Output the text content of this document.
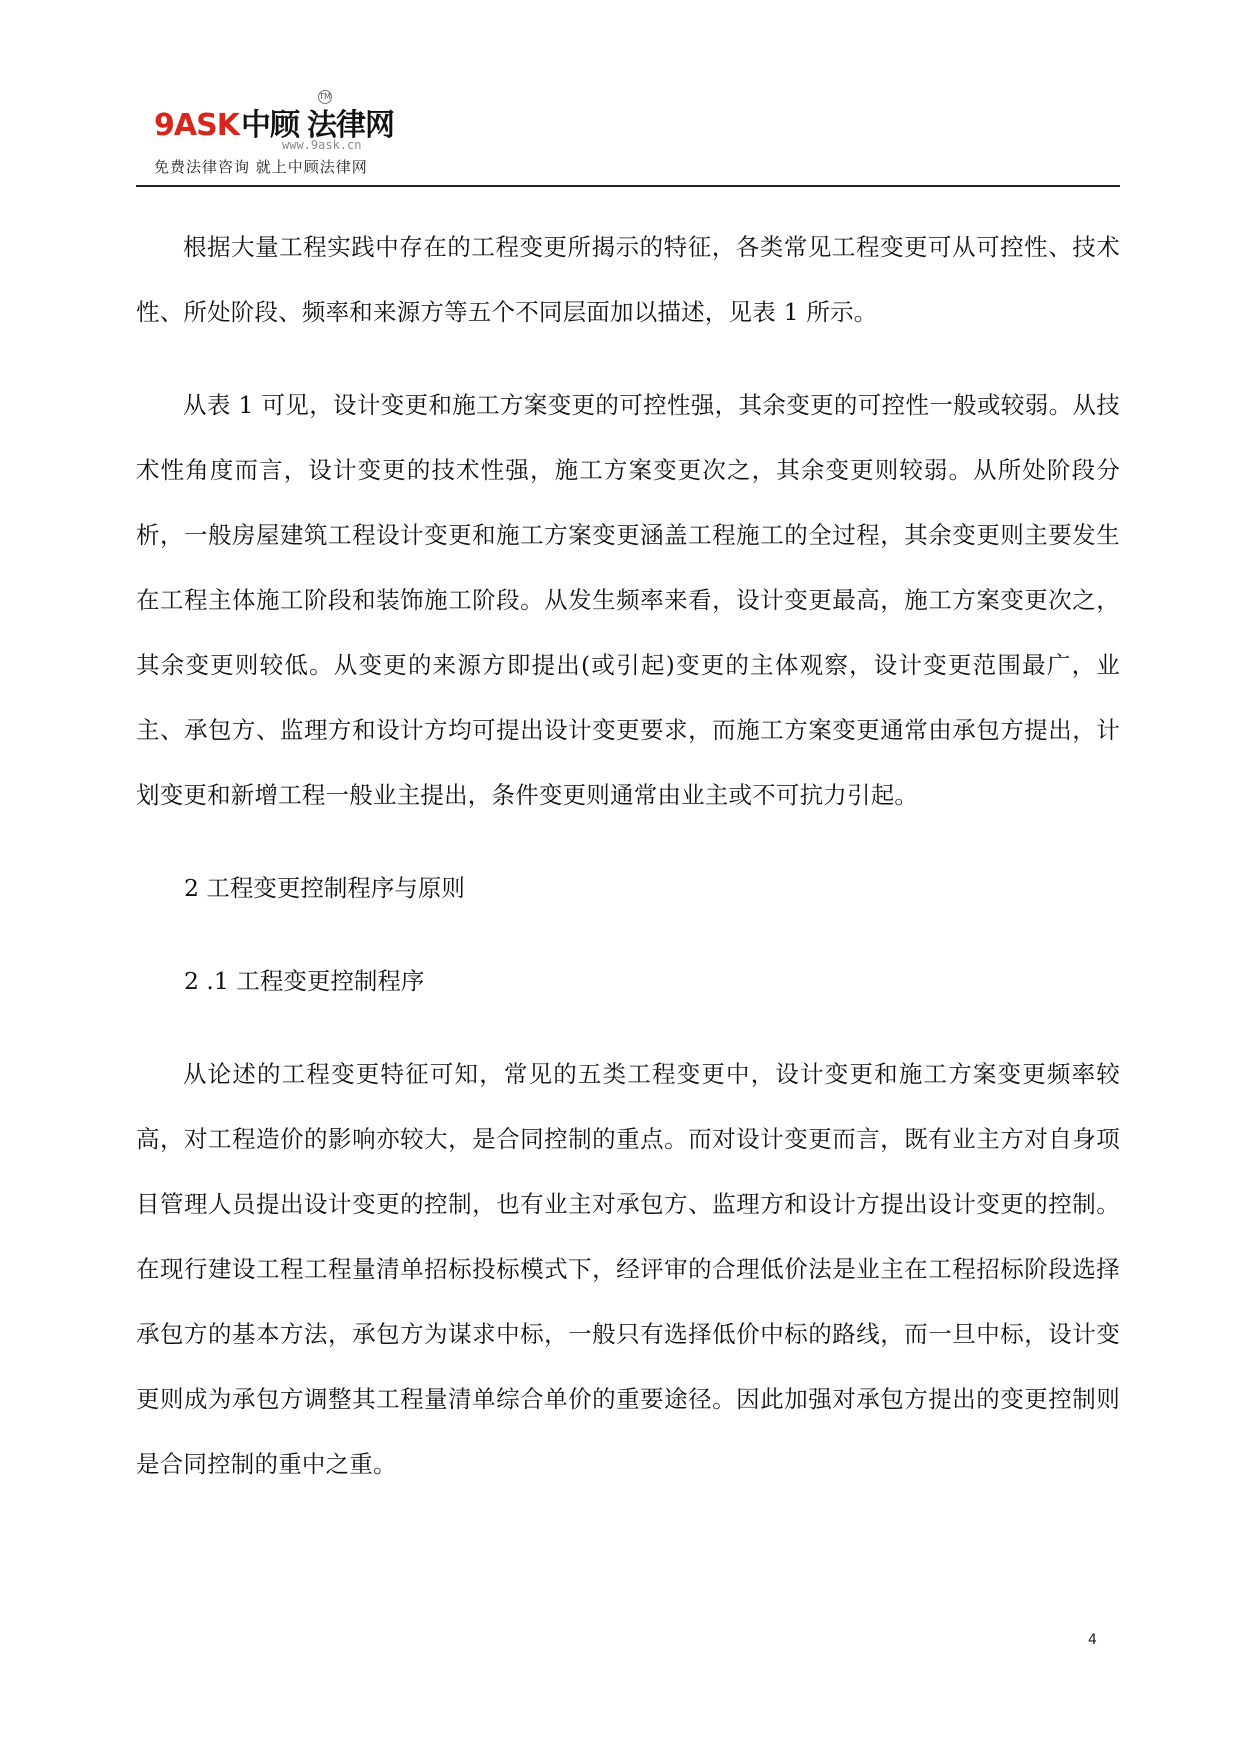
9ASK中顾 法律网
TM
www.9ask.cn
免费法律咨询 就上中顾法律网

根据大量工程实践中存在的工程变更所揭示的特征，各类常见工程变更可从可控性、技术性、所处阶段、频率和来源方等五个不同层面加以描述，见表 1 所示。

从表 1 可见，设计变更和施工方案变更的可控性强，其余变更的可控性一般或较弱。从技术性角度而言，设计变更的技术性强，施工方案变更次之，其余变更则较弱。从所处阶段分析，一般房屋建筑工程设计变更和施工方案变更涵盖工程施工的全过程，其余变更则主要发生在工程主体施工阶段和装饰施工阶段。从发生频率来看，设计变更最高，施工方案变更次之，其余变更则较低。从变更的来源方即提出(或引起)变更的主体观察，设计变更范围最广，业主、承包方、监理方和设计方均可提出设计变更要求，而施工方案变更通常由承包方提出，计划变更和新增工程一般业主提出，条件变更则通常由业主或不可抗力引起。

2 工程变更控制程序与原则

2 .1 工程变更控制程序

从论述的工程变更特征可知，常见的五类工程变更中，设计变更和施工方案变更频率较高，对工程造价的影响亦较大，是合同控制的重点。而对设计变更而言，既有业主方对自身项目管理人员提出设计变更的控制，也有业主对承包方、监理方和设计方提出设计变更的控制。在现行建设工程工程量清单招标投标模式下，经评审的合理低价法是业主在工程招标阶段选择承包方的基本方法，承包方为谋求中标，一般只有选择低价中标的路线，而一旦中标，设计变更则成为承包方调整其工程量清单综合单价的重要途径。因此加强对承包方提出的变更控制则是合同控制的重中之重。

4
